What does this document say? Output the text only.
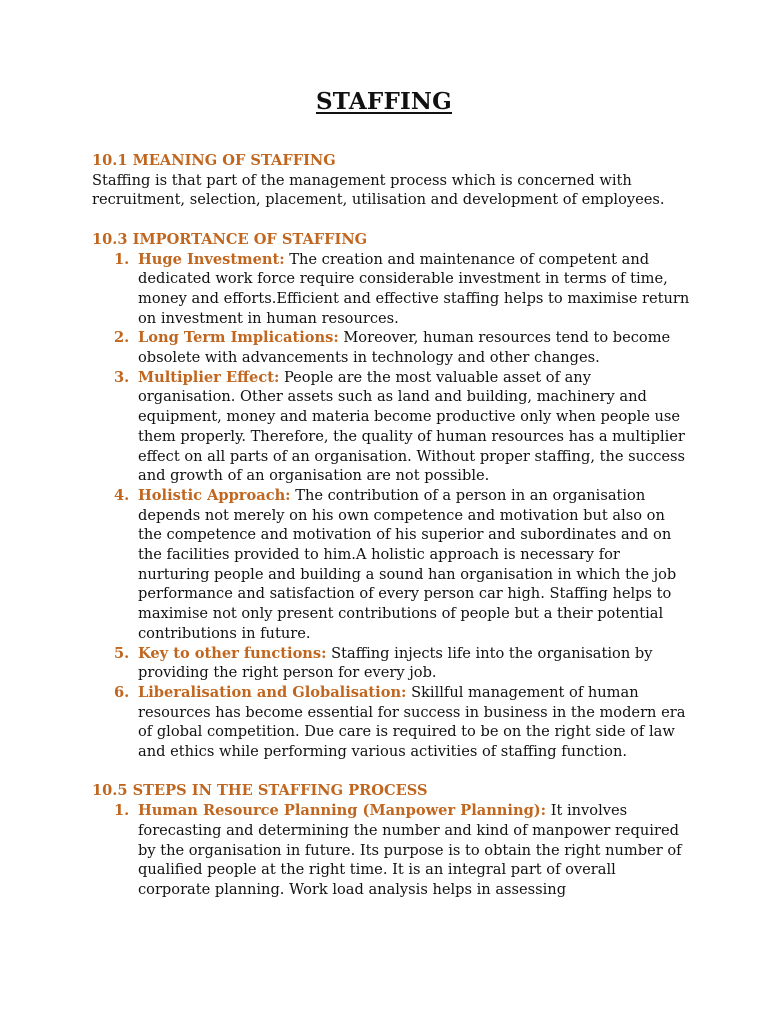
STAFFING
10.1 MEANING OF STAFFING

Staffing is that part of the management process which is concerned with recruitment, selection, placement, utilisation and development of employees.

10.3 IMPORTANCE OF STAFFING
1. Huge Investment: The creation and maintenance of competent and dedicated work force require considerable investment in terms of time, money and efforts.Efficient and effective staffing helps to maximise return on investment in human resources.
2. Long Term Implications: Moreover, human resources tend to become obsolete with advancements in technology and other changes.
3. Multiplier Effect: People are the most valuable asset of any organisation. Other assets such as land and building, machinery and equipment, money and materia become productive only when people use them properly. Therefore, the quality of human resources has a multiplier effect on all parts of an organisation. Without proper staffing, the success and growth of an organisation are not possible.
4. Holistic Approach: The contribution of a person in an organisation depends not merely on his own competence and motivation but also on the competence and motivation of his superior and subordinates and on the facilities provided to him.A holistic approach is necessary for nurturing people and building a sound han organisation in which the job performance and satisfaction of every person car high. Staffing helps to maximise not only present contributions of people but a their potential contributions in future.
5. Key to other functions: Staffing injects life into the organisation by providing the right person for every job.
6. Liberalisation and Globalisation: Skillful management of human resources has become essential for success in business in the modern era of global competition. Due care is required to be on the right side of law and ethics while performing various activities of staffing function.
10.5 STEPS IN THE STAFFING PROCESS
1. Human Resource Planning (Manpower Planning): It involves forecasting and determining the number and kind of manpower required by the organisation in future. Its purpose is to obtain the right number of qualified people at the right time. It is an integral part of overall corporate planning. Work load analysis helps in assessing
